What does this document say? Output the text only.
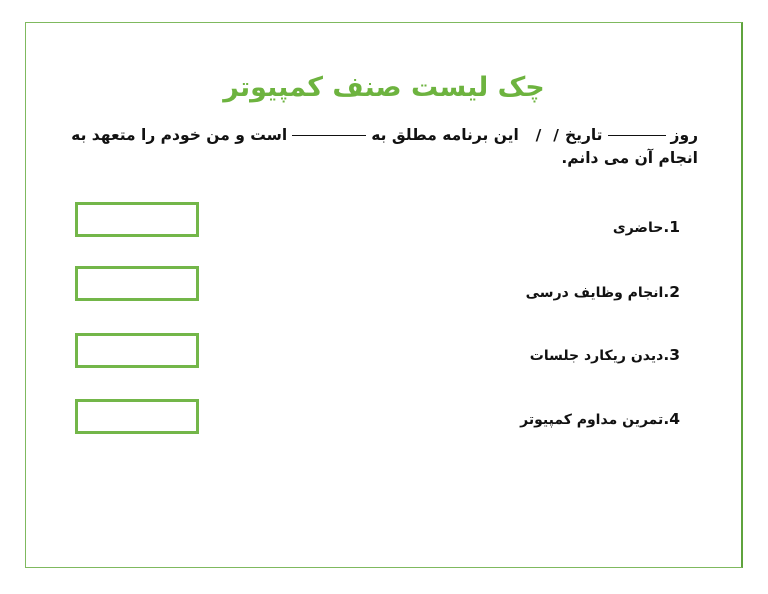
چک لیست صنف کمپیوتر

روزتاریخ//  این برنامه مطلق بهاست و من خودم را متعهد به انجام آن می دانم.

1.حاضری
2.انجام وظایف درسی
3.دیدن ریکارد جلسات
4.تمرین مداوم کمپیوتر
